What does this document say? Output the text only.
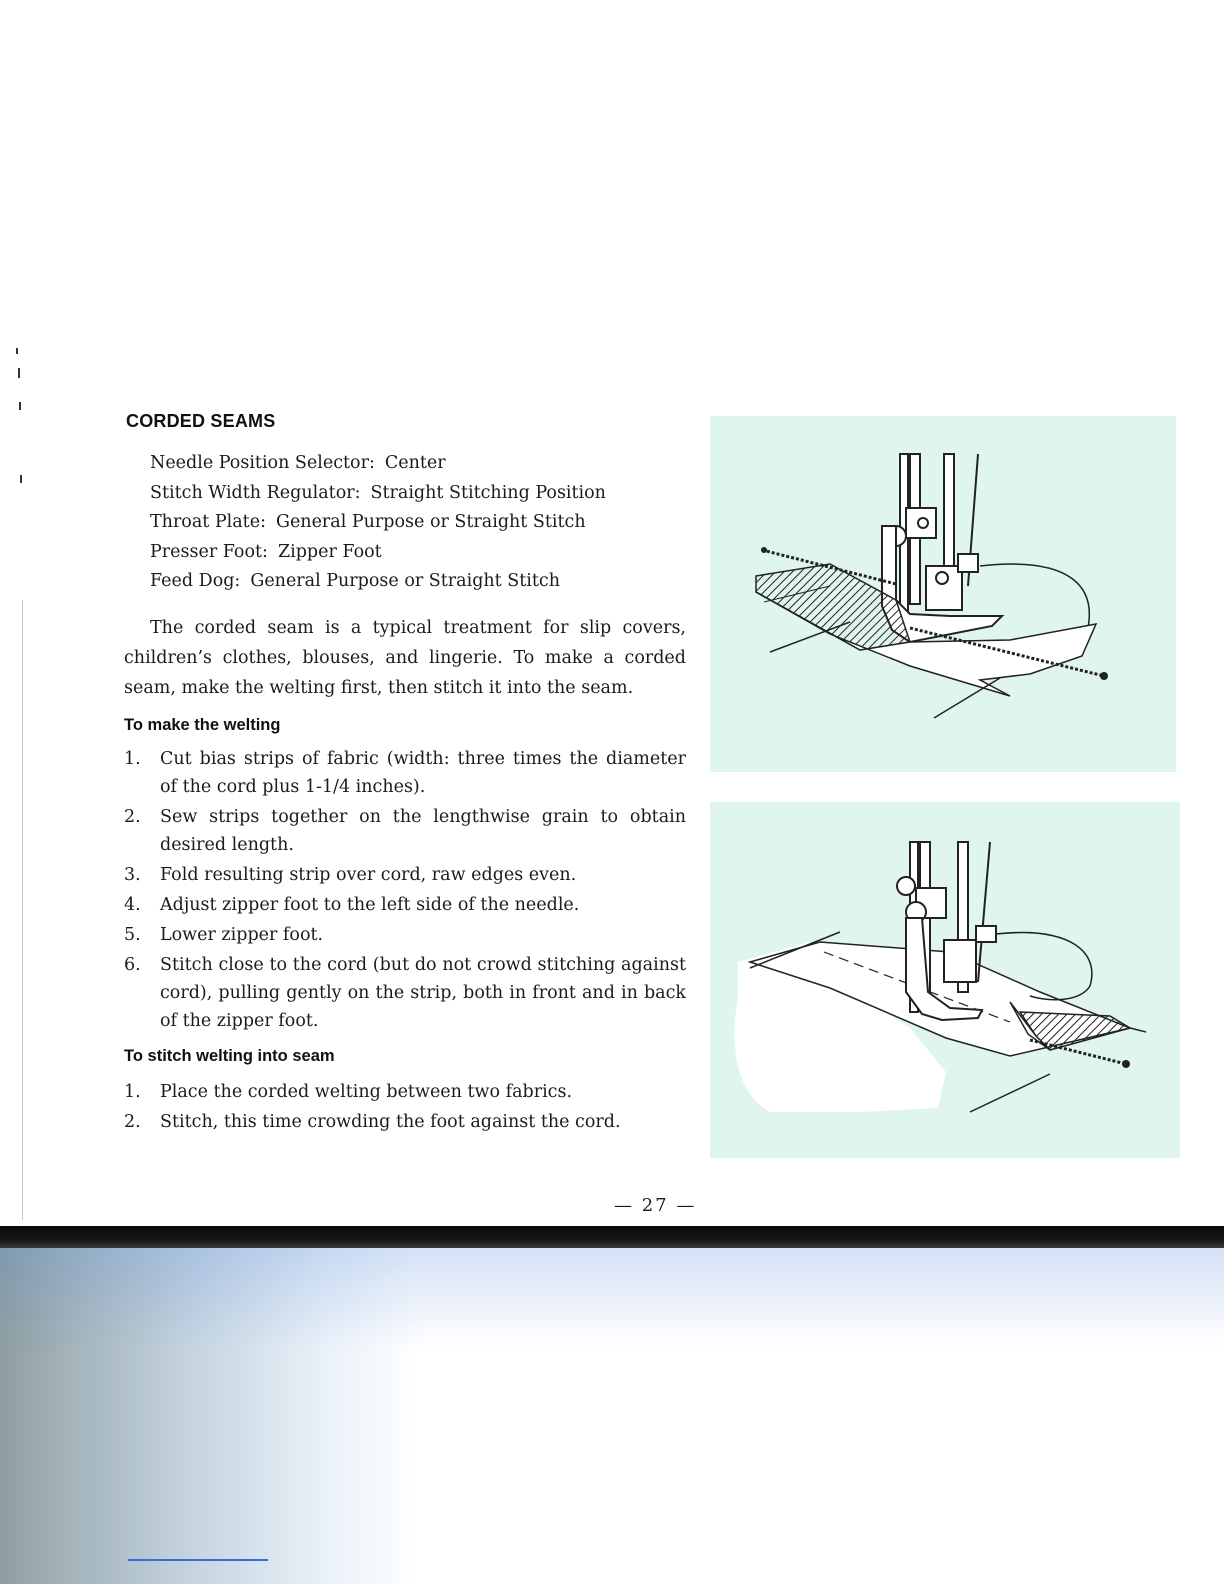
CORDED SEAMS
Needle Position Selector: Center
Stitch Width Regulator: Straight Stitching Position
Throat Plate: General Purpose or Straight Stitch
Presser Foot: Zipper Foot
Feed Dog: General Purpose or Straight Stitch

The corded seam is a typical treatment for slip covers, children’s clothes, blouses, and lingerie. To make a corded seam, make the welting first, then stitch it into the seam.

To make the welting
1. Cut bias strips of fabric (width: three times the diameter of the cord plus 1-1/4 inches).
2. Sew strips together on the lengthwise grain to obtain desired length.
3. Fold resulting strip over cord, raw edges even.
4. Adjust zipper foot to the left side of the needle.
5. Lower zipper foot.
6. Stitch close to the cord (but do not crowd stitching against cord), pulling gently on the strip, both in front and in back of the zipper foot.
To stitch welting into seam
1. Place the corded welting between two fabrics.
2. Stitch, this time crowding the foot against the cord.
— 27 —
